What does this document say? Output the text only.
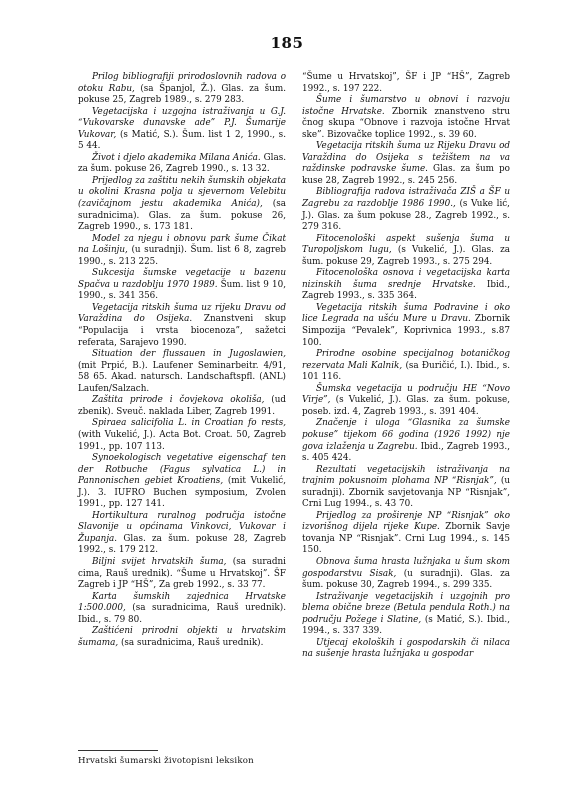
185

Prilog bibliografiji prirodoslovnih radova o otoku Rabu, (sa Španjol, Ž.). Glas. za šum. pokuse 25, Zagreb 1989., s. 279 283.

Vegetacijska i uzgojna istraživanja u G.J. “Vukovarske dunavske ade” P.J. Šumarije Vukovar, (s Matić, S.). Šum. list 1 2, 1990., s. 5 44.

Život i djelo akademika Milana Anića. Glas. za šum. pokuse 26, Zagreb 1990., s. 13 32.

Prijedlog za zaštitu nekih šumskih objekata u okolini Krasna polja u sjevernom Velebitu (zavičajnom jestu akademika Anića), (sa suradnicima). Glas. za šum. pokuse 26, Zagreb 1990., s. 173 181.

Model za njegu i obnovu park šume Čikat na Lošinju, (u suradnji). Šum. list 6 8, zagreb 1990., s. 213 225.

Sukcesija šumske vegetacije u bazenu Spačva u razdoblju 1970 1989. Šum. list 9 10, 1990., s. 341 356.

Vegetacija ritskih šuma uz rijeku Dravu od Varaždina do Osijeka. Znanstveni skup “Populacija i vrsta biocenoza”, sažetci referata, Sarajevo 1990.

Situation der flussauen in Jugoslawien, (mit Prpić, B.). Laufener Seminarbeitr. 4/91, 58 65. Akad. natursch. Landschaftspfl. (ANL) Laufen/Salzach.

Zaštita prirode i čovjekova okoliša, (ud zbenik). Sveuč. naklada Liber, Zagreb 1991.

Spiraea salicifolia L. in Croatian fo rests, (with Vukelić, J.). Acta Bot. Croat. 50, Zagreb 1991., pp. 107 113.

Synoekologisch vegetative eigenschaf ten der Rotbuche (Fagus sylvatica L.) in Pannonischen gebiet Kroatiens, (mit Vukelić, J.). 3. IUFRO Buchen symposium, Zvolen 1991., pp. 127 141.

Hortikultura ruralnog područja istočne Slavonije u općinama Vinkovci, Vukovar i Županja. Glas. za šum. pokuse 28, Zagreb 1992., s. 179 212.

Biljni svijet hrvatskih šuma, (sa suradni cima, Rauš urednik). “Šume u Hrvatskoj”. ŠF Zagreb i JP “HŠ”, Za greb 1992., s. 33 77.

Karta šumskih zajednica Hrvatske 1:500.000, (sa suradnicima, Rauš urednik). Ibid., s. 79 80.

Zaštićeni prirodni objekti u hrvatskim šumama, (sa suradnicima, Rauš urednik).

“Šume u Hrvatskoj”, ŠF i JP “HŠ”, Zagreb 1992., s. 197 222.

Šume i šumarstvo u obnovi i razvoju istočne Hrvatske. Zbornik znanstveno stru čnog skupa “Obnove i razvoja istočne Hrvat ske”. Bizovačke toplice 1992., s. 39 60.

Vegetacija ritskih šuma uz Rijeku Dravu od Varaždina do Osijeka s težištem na va raždinske podravske šume. Glas. za šum po kuse 28, Zagreb 1992., s. 245 256.

Bibliografija radova istraživača ZIŠ a ŠF u Zagrebu za razdoblje 1986 1990., (s Vuke lić, J.). Glas. za šum pokuse 28., Zagreb 1992., s. 279 316.

Fitocenološki aspekt sušenja šuma u Turopoljskom lugu, (s Vukelić, J.). Glas. za šum. pokuse 29, Zagreb 1993., s. 275 294.

Fitocenološka osnova i vegetacijska karta nizinskih šuma srednje Hrvatske. Ibid., Zagreb 1993., s. 335 364.

Vegetacija ritskih šuma Podravine i oko lice Legrada na ušću Mure u Dravu. Zbornik Simpozija “Pevalek”, Koprivnica 1993., s.87 100.

Prirodne osobine specijalnog botaničkog rezervata Mali Kalnik, (sa Đuričić, I.). Ibid., s. 101 116.

Šumska vegetacija u području HE “Novo Virje”, (s Vukelić, J.). Glas. za šum. pokuse, poseb. izd. 4, Zagreb 1993., s. 391 404.

Značenje i uloga “Glasnika za šumske pokuse” tijekom 66 godina (1926 1992) nje gova izlaženja u Zagrebu. Ibid., Zagreb 1993., s. 405 424.

Rezultati vegetacijskih istraživanja na trajnim pokusnoim plohama NP “Risnjak”, (u suradnji). Zbornik savjetovanja NP “Risnjak”, Crni Lug 1994., s. 43 70.

Prijedlog za proširenje NP “Risnjak” oko izvorišnog dijela rijeke Kupe. Zbornik Savje tovanja NP “Risnjak”. Crni Lug 1994., s. 145 150.

Obnova šuma hrasta lužnjaka u šum skom gospodarstvu Sisak, (u suradnji). Glas. za šum. pokuse 30, Zagreb 1994., s. 299 335.

Istraživanje vegetacijskih i uzgojnih pro blema obične breze (Betula pendula Roth.) na području Požege i Slatine, (s Matić, S.). Ibid., 1994., s. 337 339.

Utjecaj ekoloških i gospodarskih či nilaca na sušenje hrasta lužnjaka u gospodar

Hrvatski šumarski životopisni leksikon
